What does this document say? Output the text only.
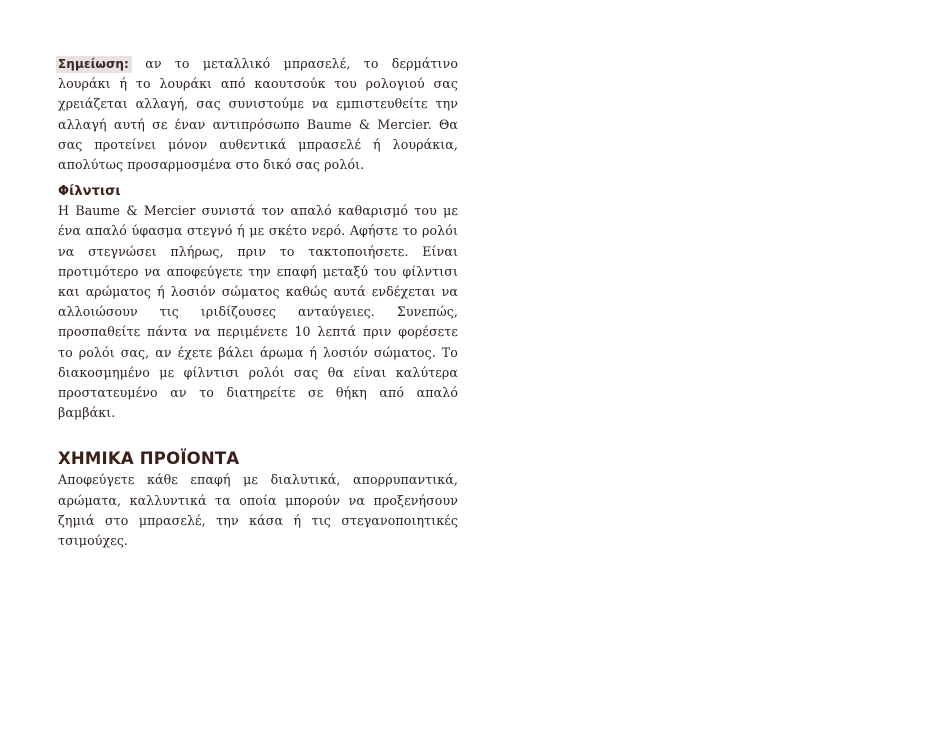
Σημείωση: αν το μεταλλικό μπρασελέ, το δερμάτινο λουράκι ή το λουράκι από καουτσούκ του ρολογιού σας χρειάζεται αλλαγή, σας συνιστούμε να εμπιστευθείτε την αλλαγή αυτή σε έναν αντιπρόσωπο Baume & Mercier. Θα σας προτείνει μόνον αυθεντικά μπρασελέ ή λουράκια, απολύτως προσαρμοσμένα στο δικό σας ρολόι.

Φίλντισι

Η Baume & Mercier συνιστά τον απαλό καθαρισμό του με ένα απαλό ύφασμα στεγνό ή με σκέτο νερό. Αφήστε το ρολόι να στεγνώσει πλήρως, πριν το τακτοποιήσετε. Είναι προτιμότερο να αποφεύγετε την επαφή μεταξύ του φίλντισι και αρώματος ή λοσιόν σώματος καθώς αυτά ενδέχεται να αλλοιώσουν τις ιριδίζουσες ανταύγειες. Συνεπώς, προσπαθείτε πάντα να περιμένετε 10 λεπτά πριν φορέσετε το ρολόι σας, αν έχετε βάλει άρωμα ή λοσιόν σώματος. Το διακοσμημένο με φίλντισι ρολόι σας θα είναι καλύτερα προστατευμένο αν το διατηρείτε σε θήκη από απαλό βαμβάκι.

ΧΗΜΙΚΑ ΠΡΟΪΟΝΤΑ

Αποφεύγετε κάθε επαφή με διαλυτικά, απορρυπαντικά, αρώματα, καλλυντικά τα οποία μπορούν να προξενήσουν ζημιά στο μπρασελέ, την κάσα ή τις στεγανοποιητικές τσιμούχες.
